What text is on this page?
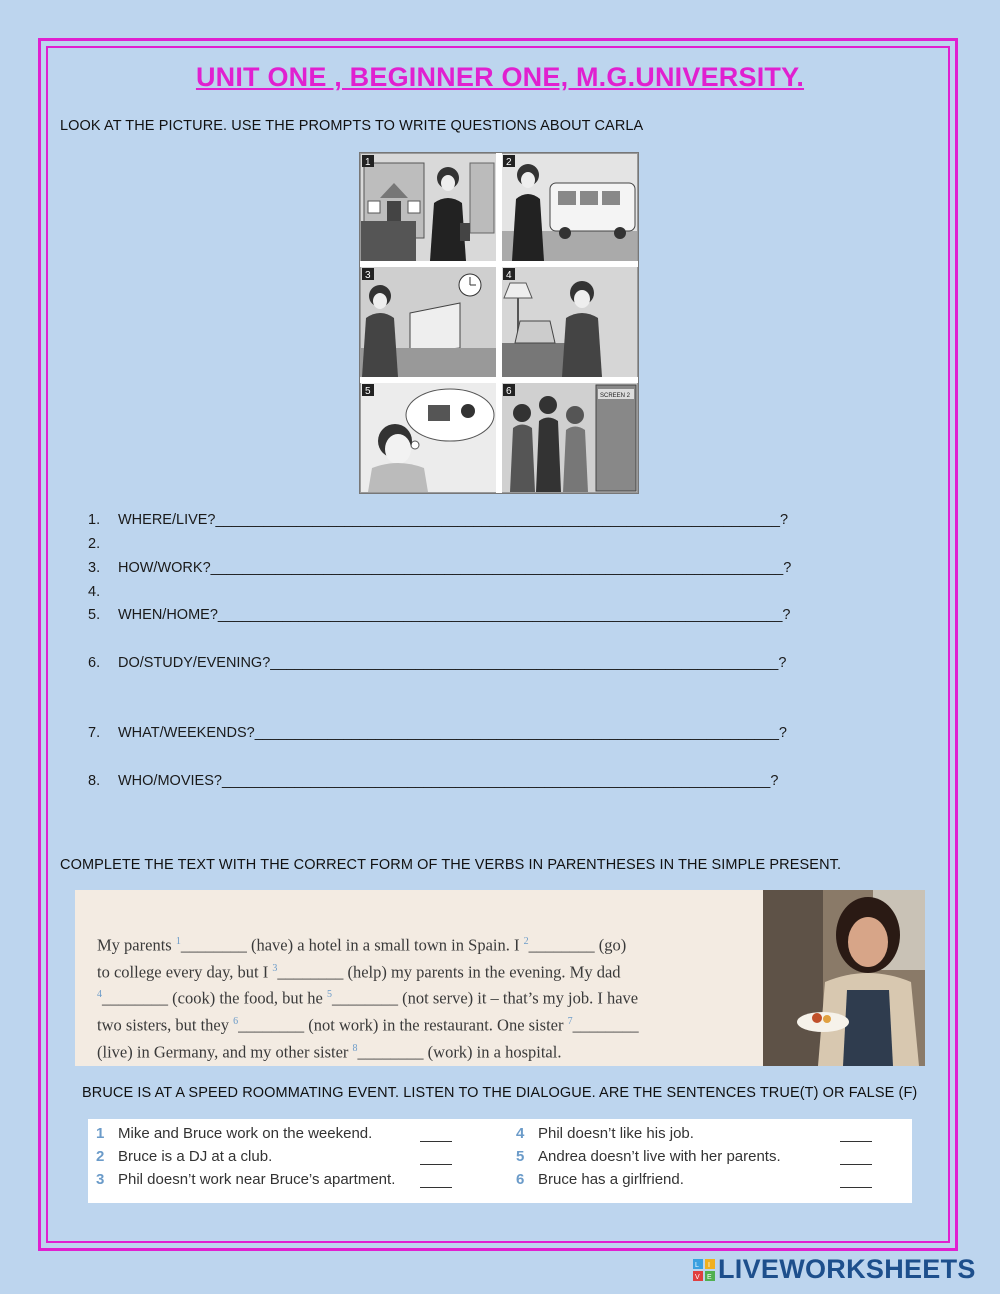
UNIT ONE , BEGINNER ONE, M.G.UNIVERSITY.
LOOK AT THE PICTURE. USE THE PROMPTS TO WRITE QUESTIONS ABOUT CARLA
1	2
3	4
5	SCREEN 2
6
1.	WHERE/LIVE?______________________________________________________________________?
2.
3.	HOW/WORK?_______________________________________________________________________?
4.
5.	WHEN/HOME?______________________________________________________________________?
6.	DO/STUDY/EVENING?_______________________________________________________________?
7.	WHAT/WEEKENDS?_________________________________________________________________?
8.	WHO/MOVIES?____________________________________________________________________?
COMPLETE THE TEXT WITH THE CORRECT FORM OF THE VERBS IN PARENTHESES IN THE SIMPLE PRESENT.
My parents $^1$________ (have) a hotel in a small town in Spain. I $^2$________ (go)
to college every day, but I $^3$________ (help) my parents in the evening. My dad
$^4$________ (cook) the food, but he $^5$________ (not serve) it – that’s my job. I have
two sisters, but they $^6$________ (not work) in the restaurant. One sister $^7$________
(live) in Germany, and my other sister $^8$________ (work) in a hospital.
BRUCE IS AT A SPEED ROOMMATING EVENT. LISTEN TO THE DIALOGUE. ARE THE SENTENCES TRUE(T) OR FALSE (F)
1 Mike and Bruce work on the weekend.
2 Bruce is a DJ at a club.
3 Phil doesn’t work near Bruce’s apartment.
4 Phil doesn’t like his job.
5 Andrea doesn’t live with her parents.
6 Bruce has a girlfriend.
L I
V E LIVEWORKSHEETS
